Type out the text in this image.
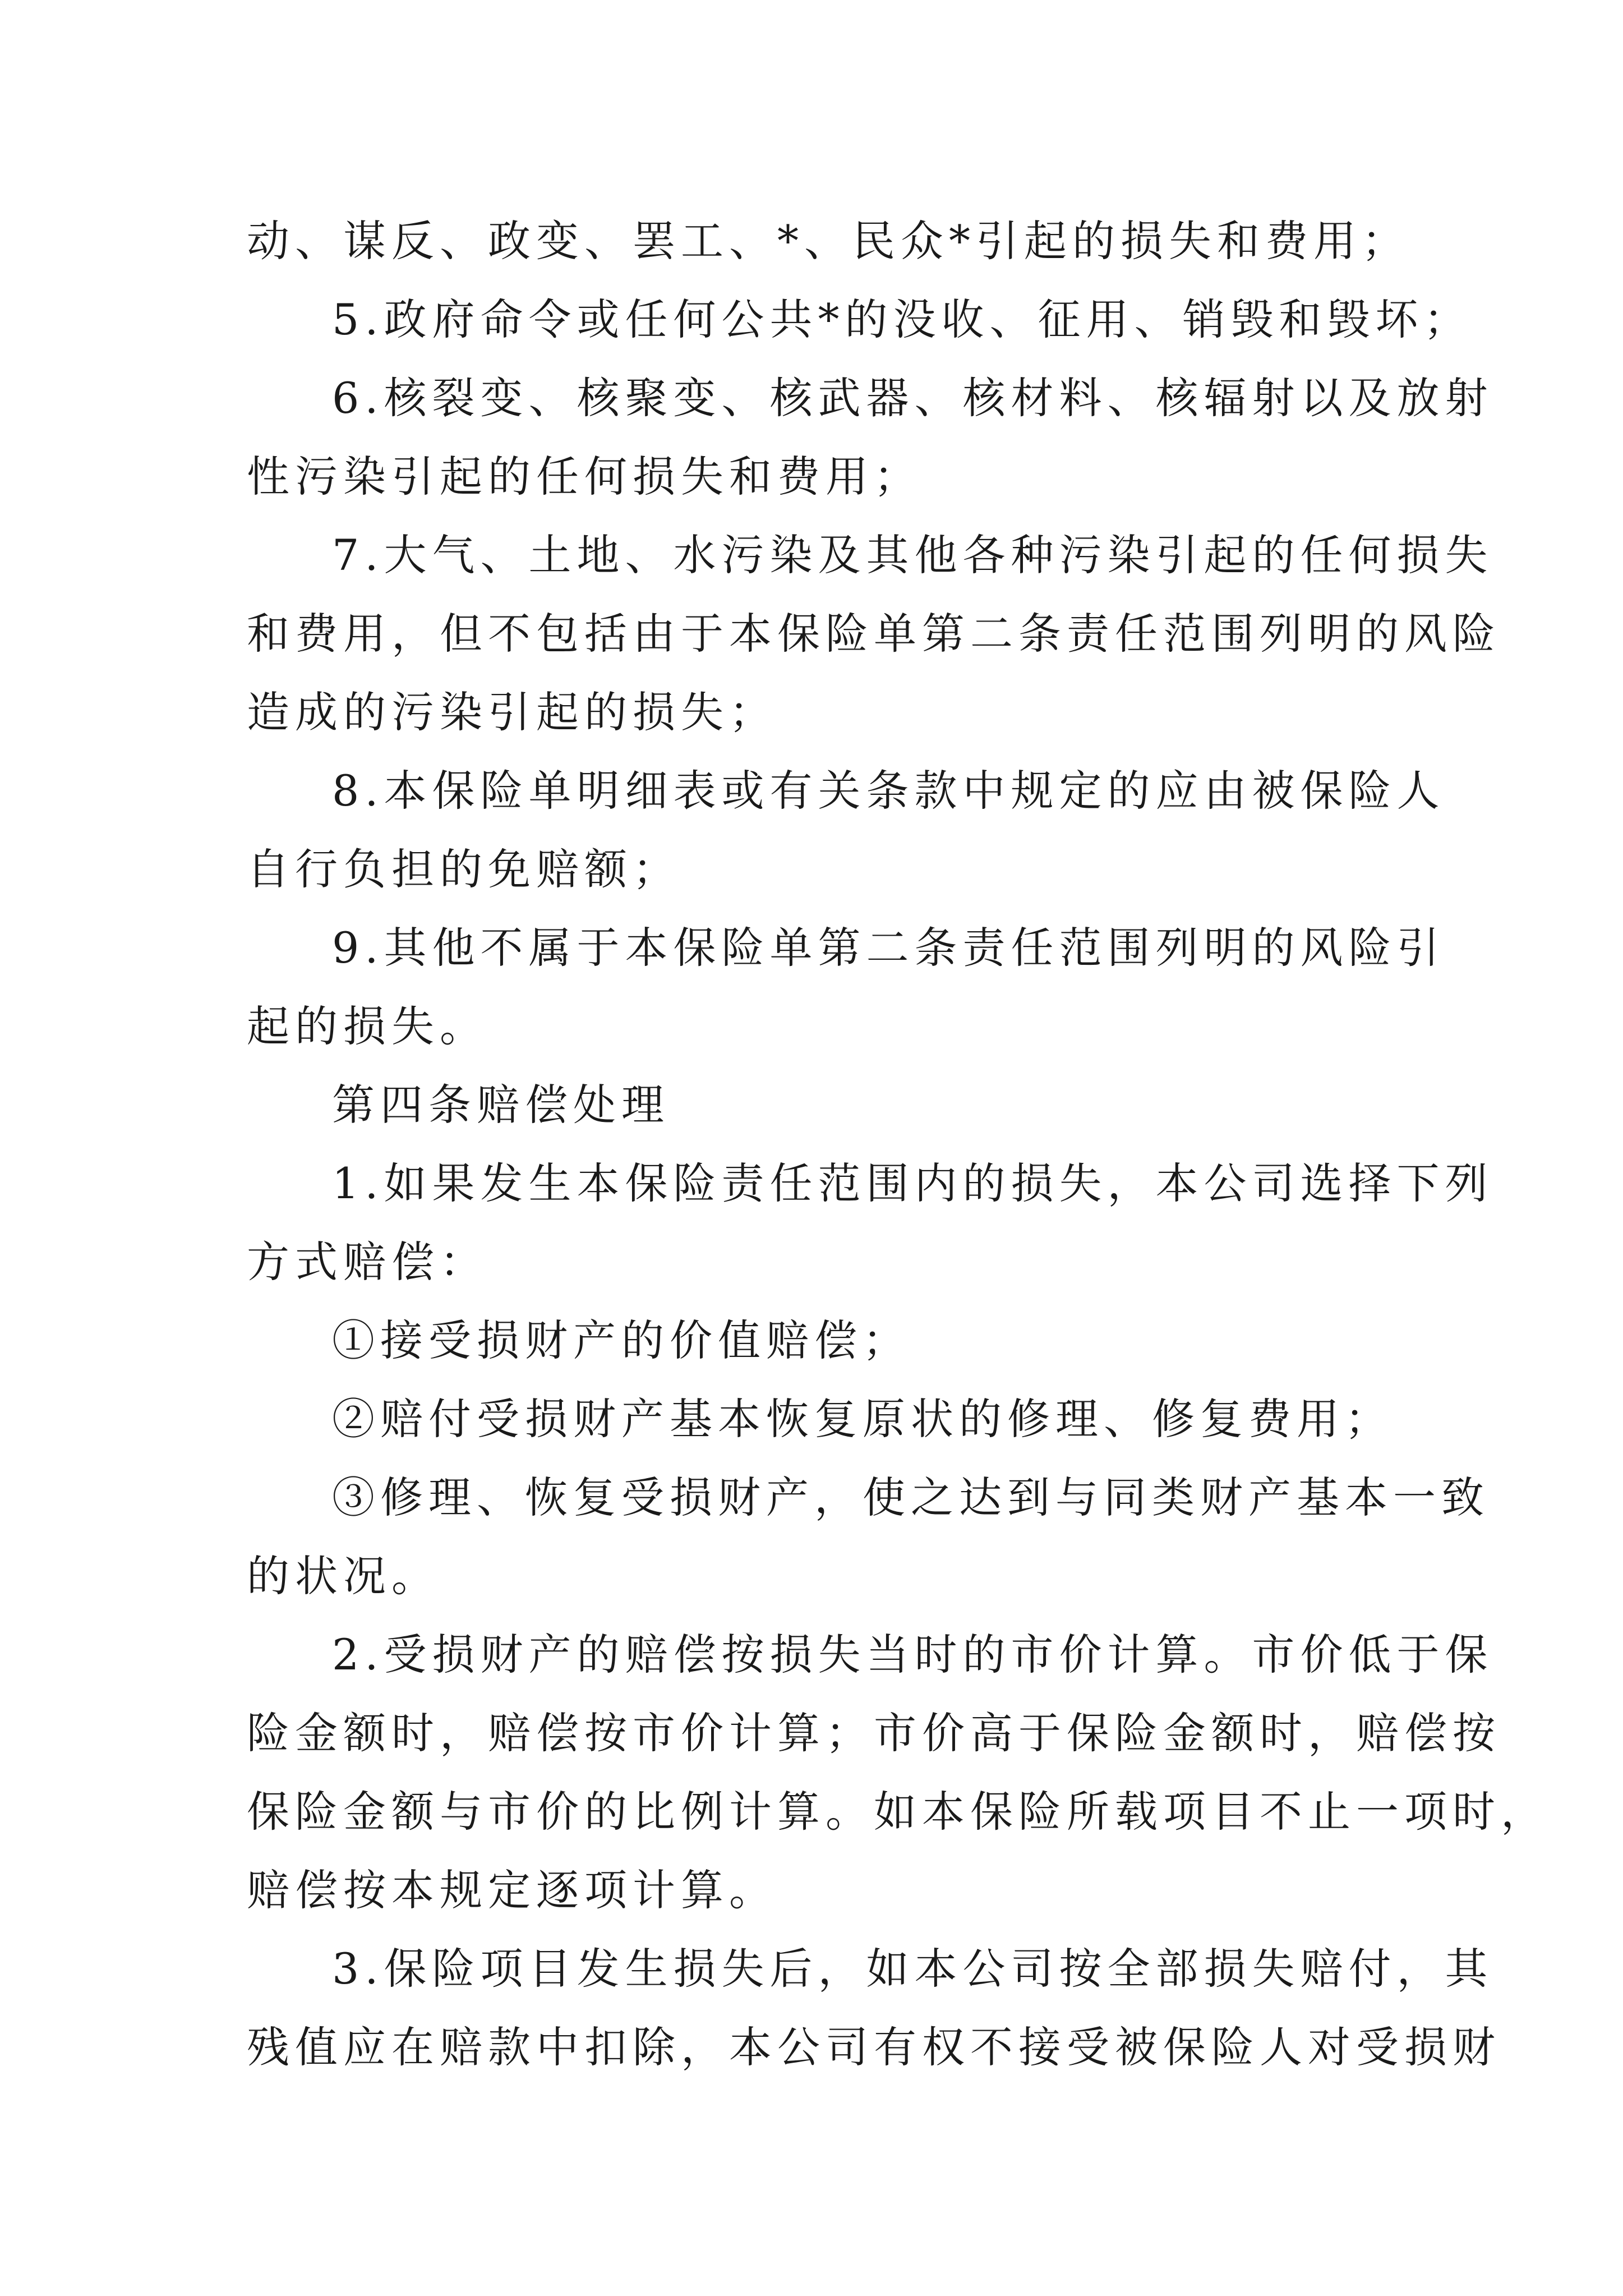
动、谋反、政变、罢工、*、民众*引起的损失和费用；
5.政府命令或任何公共*的没收、征用、销毁和毁坏；
6.核裂变、核聚变、核武器、核材料、核辐射以及放射
性污染引起的任何损失和费用；
7.大气、土地、水污染及其他各种污染引起的任何损失
和费用，但不包括由于本保险单第二条责任范围列明的风险
造成的污染引起的损失；
8.本保险单明细表或有关条款中规定的应由被保险人
自行负担的免赔额；
9.其他不属于本保险单第二条责任范围列明的风险引
起的损失。
第四条赔偿处理
1.如果发生本保险责任范围内的损失，本公司选择下列
方式赔偿：
①接受损财产的价值赔偿；
②赔付受损财产基本恢复原状的修理、修复费用；
③修理、恢复受损财产，使之达到与同类财产基本一致
的状况。
2.受损财产的赔偿按损失当时的市价计算。市价低于保
险金额时，赔偿按市价计算；市价高于保险金额时，赔偿按
保险金额与市价的比例计算。如本保险所载项目不止一项时，
赔偿按本规定逐项计算。
3.保险项目发生损失后，如本公司按全部损失赔付，其
残值应在赔款中扣除，本公司有权不接受被保险人对受损财
